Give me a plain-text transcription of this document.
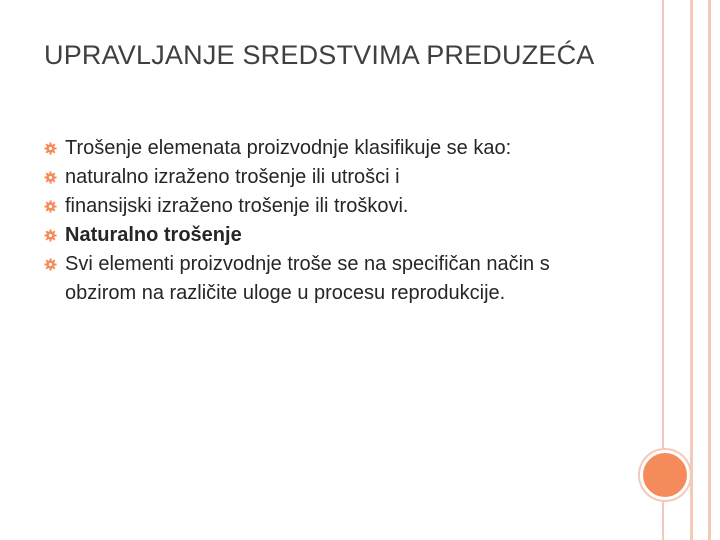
UPRAVLJANJE SREDSTVIMA PREDUZEĆA
Trošenje elemenata proizvodnje klasifikuje se kao:
naturalno izraženo trošenje ili utrošci i
finansijski izraženo trošenje ili troškovi.
Naturalno trošenje
Svi elementi proizvodnje troše se na specifičan način s obzirom na različite uloge u procesu reprodukcije.
